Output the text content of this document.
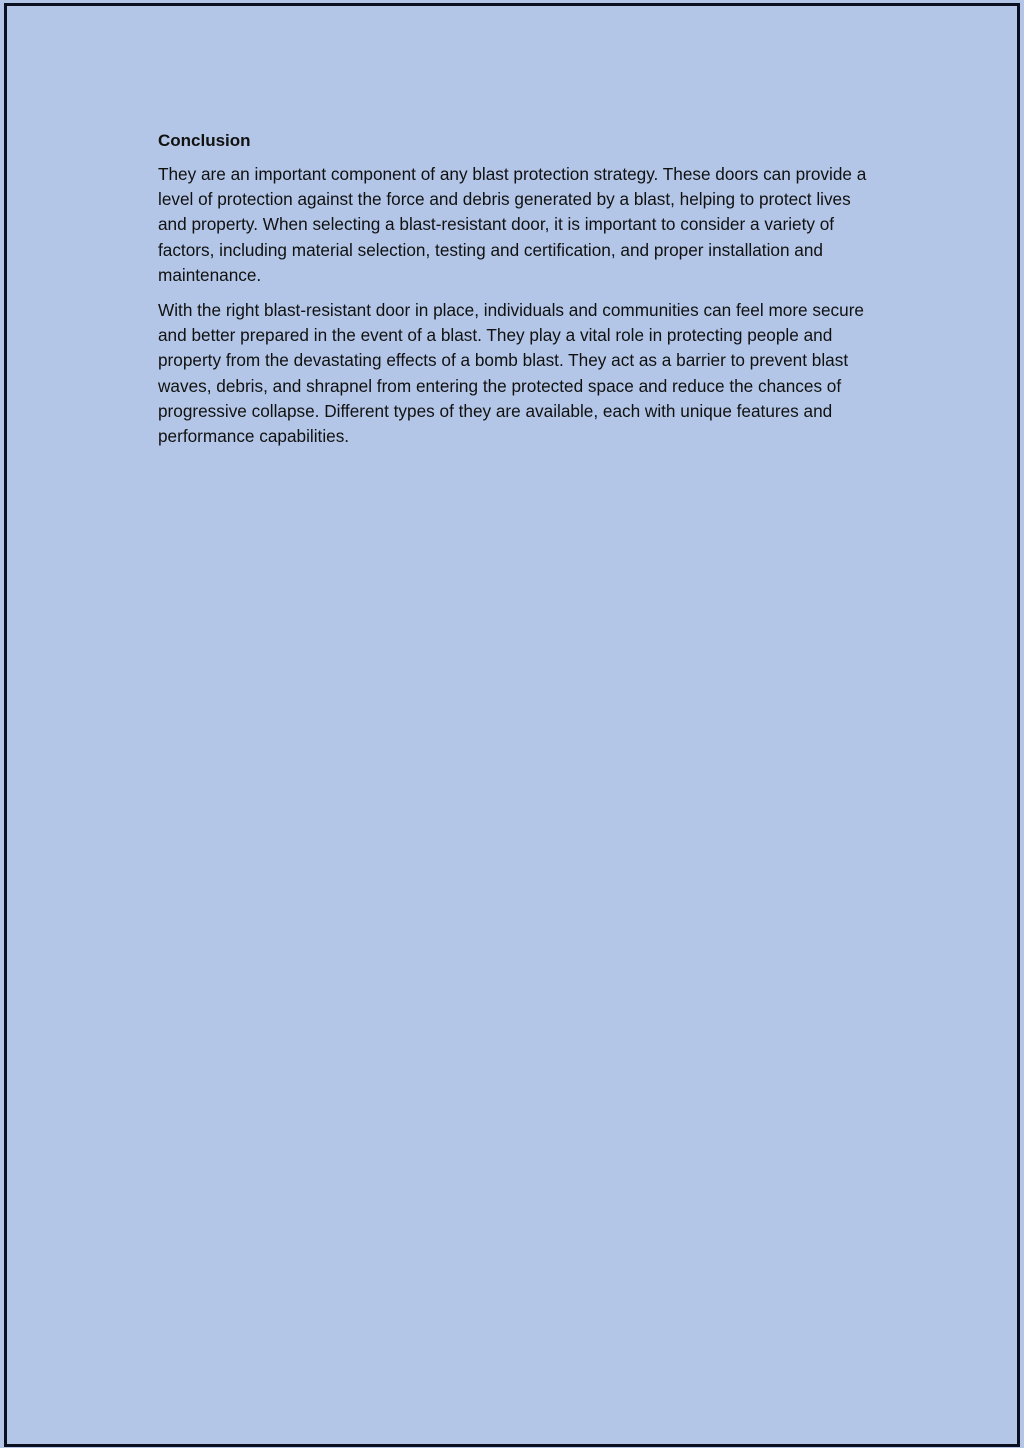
Conclusion

They are an important component of any blast protection strategy. These doors can provide a level of protection against the force and debris generated by a blast, helping to protect lives and property. When selecting a blast-resistant door, it is important to consider a variety of factors, including material selection, testing and certification, and proper installation and maintenance.

With the right blast-resistant door in place, individuals and communities can feel more secure and better prepared in the event of a blast. They play a vital role in protecting people and property from the devastating effects of a bomb blast. They act as a barrier to prevent blast waves, debris, and shrapnel from entering the protected space and reduce the chances of progressive collapse. Different types of they are available, each with unique features and performance capabilities.
